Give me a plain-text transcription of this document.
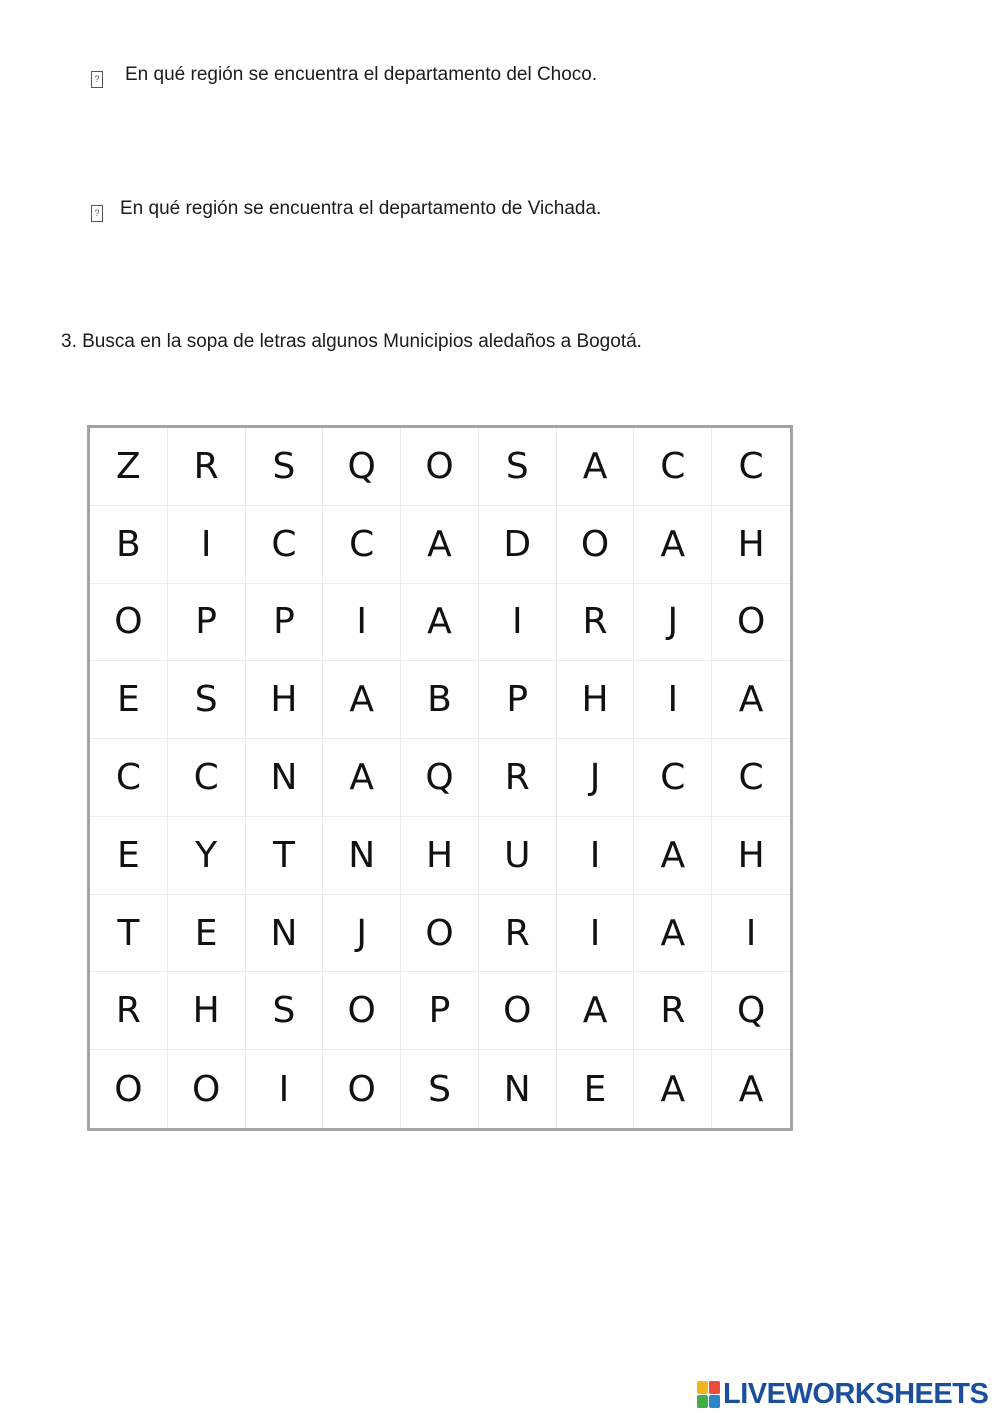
? En qué región se encuentra el departamento del Choco.
? En qué región se encuentra el departamento de Vichada.
3. Busca en la sopa de letras algunos Municipios aledaños a Bogotá.
Z	R	S	Q	O	S	A	C	C
B	I	C	C	A	D	O	A	H
O	P	P	I	A	I	R	J	O
E	S	H	A	B	P	H	I	A
C	C	N	A	Q	R	J	C	C
E	Y	T	N	H	U	I	A	H
T	E	N	J	O	R	I	A	I
R	H	S	O	P	O	A	R	Q
O	O	I	O	S	N	E	A	A
LIVEWORKSHEETS
